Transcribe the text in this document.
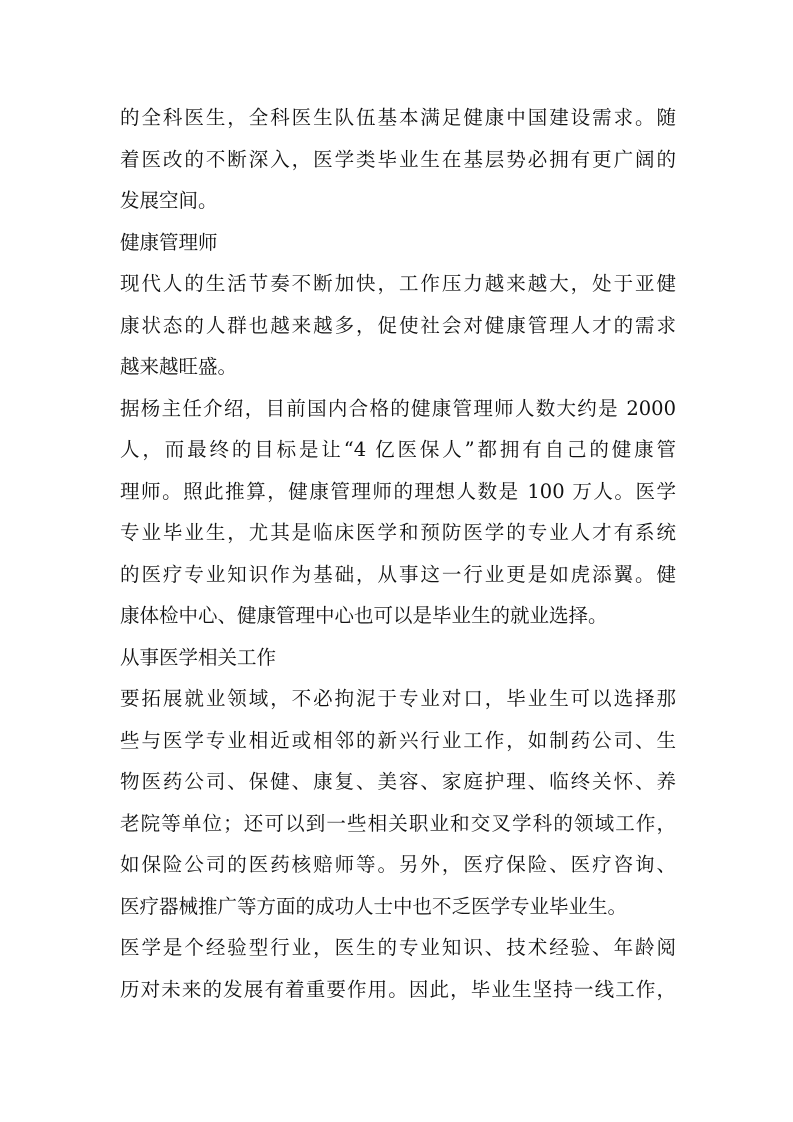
的全科医生，全科医生队伍基本满足健康中国建设需求。随
着医改的不断深入，医学类毕业生在基层势必拥有更广阔的
发展空间。
健康管理师
现代人的生活节奏不断加快，工作压力越来越大，处于亚健
康状态的人群也越来越多，促使社会对健康管理人才的需求
越来越旺盛。
据杨主任介绍，目前国内合格的健康管理师人数大约是 2000
人，而最终的目标是让“4 亿医保人”都拥有自己的健康管
理师。照此推算，健康管理师的理想人数是 100 万人。医学
专业毕业生，尤其是临床医学和预防医学的专业人才有系统
的医疗专业知识作为基础，从事这一行业更是如虎添翼。健
康体检中心、健康管理中心也可以是毕业生的就业选择。
从事医学相关工作
要拓展就业领域，不必拘泥于专业对口，毕业生可以选择那
些与医学专业相近或相邻的新兴行业工作，如制药公司、生
物医药公司、保健、康复、美容、家庭护理、临终关怀、养
老院等单位；还可以到一些相关职业和交叉学科的领域工作，
如保险公司的医药核赔师等。另外，医疗保险、医疗咨询、
医疗器械推广等方面的成功人士中也不乏医学专业毕业生。
医学是个经验型行业，医生的专业知识、技术经验、年龄阅
历对未来的发展有着重要作用。因此，毕业生坚持一线工作，
